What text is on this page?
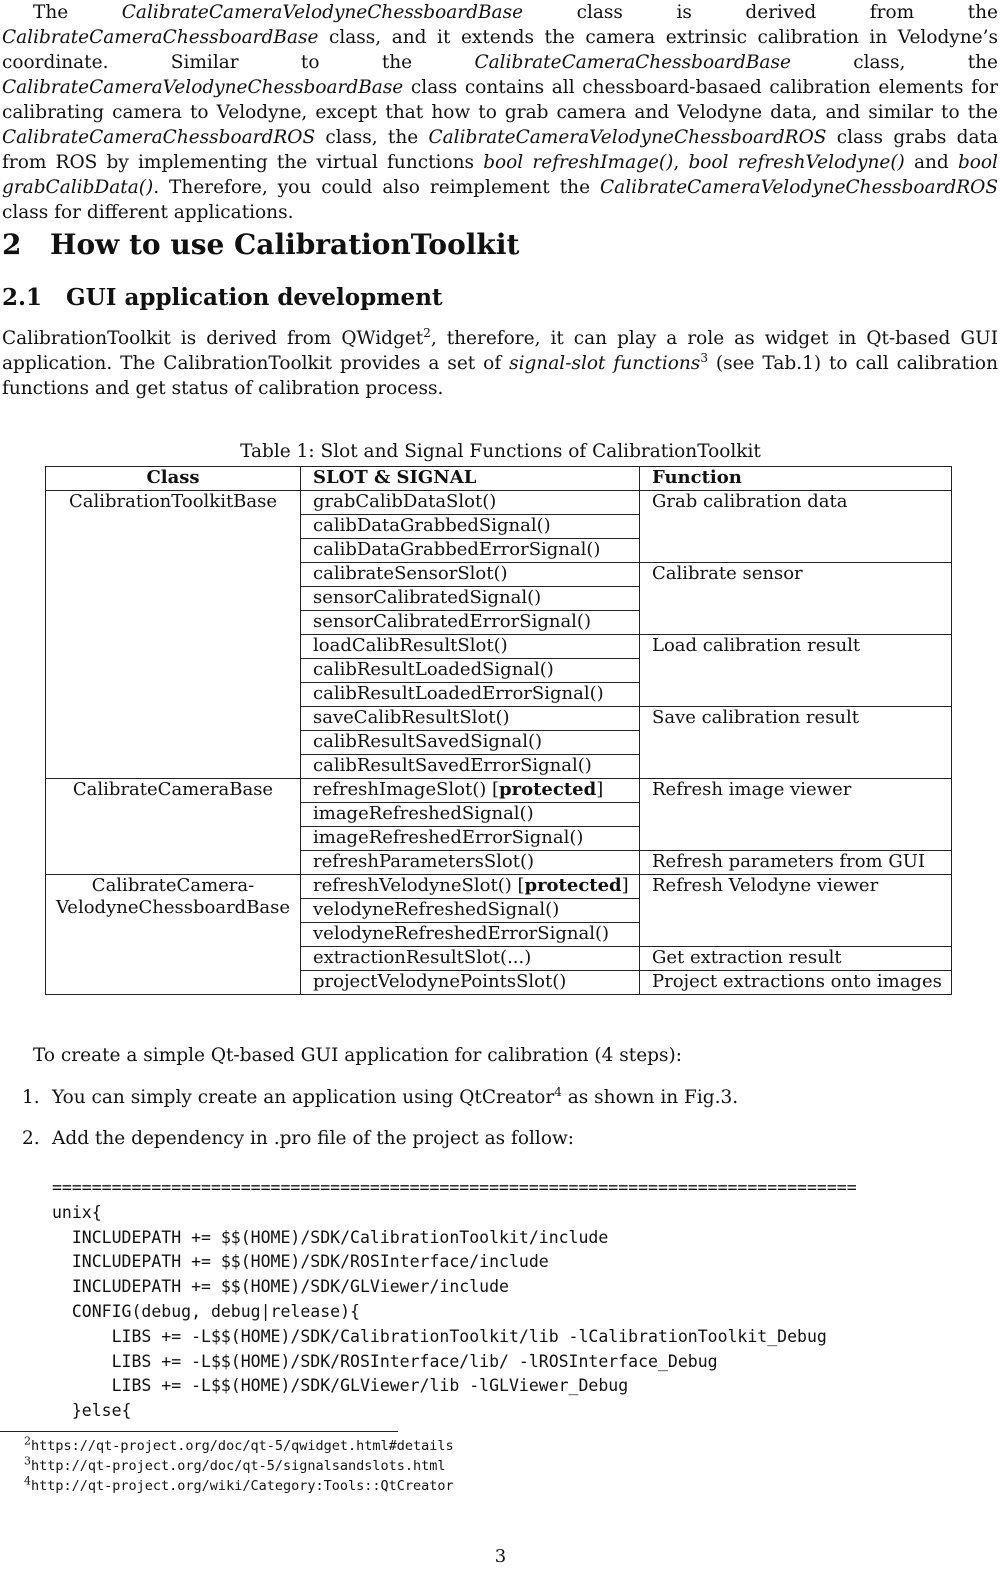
The CalibrateCameraVelodyneChessboardBase class is derived from the CalibrateCameraChessboardBase class, and it extends the camera extrinsic calibration in Velodyne’s coordinate. Similar to the CalibrateCameraChessboardBase class, the CalibrateCameraVelodyneChessboardBase class contains all chessboard-basaed calibration elements for calibrating camera to Velodyne, except that how to grab camera and Velodyne data, and similar to the CalibrateCameraChessboardROS class, the CalibrateCameraVelodyneChessboardROS class grabs data from ROS by implementing the virtual functions bool refreshImage(), bool refreshVelodyne() and bool grabCalibData(). Therefore, you could also reimplement the CalibrateCameraVelodyneChessboardROS class for different applications.

2 How to use CalibrationToolkit
2.1 GUI application development

CalibrationToolkit is derived from QWidget$^2$, therefore, it can play a role as widget in Qt-based GUI application. The CalibrationToolkit provides a set of signal-slot functions$^3$ (see Tab.1) to call calibration functions and get status of calibration process.

Table 1: Slot and Signal Functions of CalibrationToolkit
Class	SLOT & SIGNAL	Function

CalibrationToolkitBase	grabCalibDataSlot()	Grab calibration data
	calibDataGrabbedSignal()	
	calibDataGrabbedErrorSignal()	
	calibrateSensorSlot()	Calibrate sensor
	sensorCalibratedSignal()	
	sensorCalibratedErrorSignal()	
	loadCalibResultSlot()	Load calibration result
	calibResultLoadedSignal()	
	calibResultLoadedErrorSignal()	
	saveCalibResultSlot()	Save calibration result
	calibResultSavedSignal()	
	calibResultSavedErrorSignal()	

CalibrateCameraBase	refreshImageSlot() [protected]	Refresh image viewer
	imageRefreshedSignal()	
	imageRefreshedErrorSignal()	
	refreshParametersSlot()	Refresh parameters from GUI

CalibrateCamera-
VelodyneChessboardBase	refreshVelodyneSlot() [protected]	Refresh Velodyne viewer
	velodyneRefreshedSignal()	
	velodyneRefreshedErrorSignal()	
	extractionResultSlot(...)	Get extraction result
	projectVelodynePointsSlot()	Project extractions onto images
To create a simple Qt-based GUI application for calibration (4 steps):
1. You can simply create an application using QtCreator$^4$ as shown in Fig.3.
2. Add the dependency in .pro file of the project as follow:
=================================================================================
unix{
INCLUDEPATH += $$(HOME)/SDK/CalibrationToolkit/include
INCLUDEPATH += $$(HOME)/SDK/ROSInterface/include
INCLUDEPATH += $$(HOME)/SDK/GLViewer/include
CONFIG(debug, debug|release){
LIBS += -L$$(HOME)/SDK/CalibrationToolkit/lib -lCalibrationToolkit_Debug
LIBS += -L$$(HOME)/SDK/ROSInterface/lib/ -lROSInterface_Debug
LIBS += -L$$(HOME)/SDK/GLViewer/lib -lGLViewer_Debug
}else{
$^2$https://qt-project.org/doc/qt-5/qwidget.html#details
$^3$http://qt-project.org/doc/qt-5/signalsandslots.html
$^4$http://qt-project.org/wiki/Category:Tools::QtCreator
3
